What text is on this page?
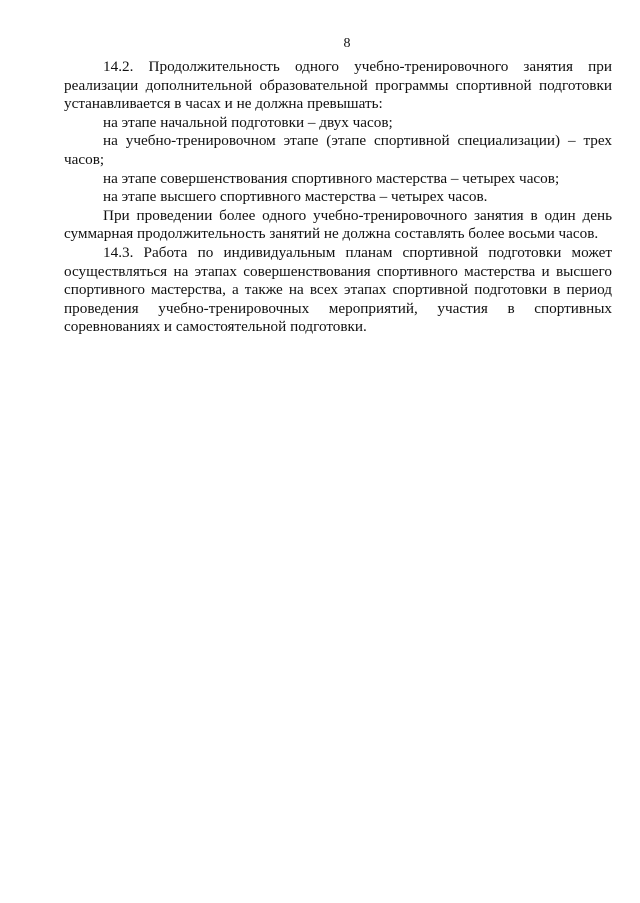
8

14.2. Продолжительность одного учебно-тренировочного занятия при реализации дополнительной образовательной программы спортивной подготовки устанавливается в часах и не должна превышать:

на этапе начальной подготовки – двух часов;

на учебно-тренировочном этапе (этапе спортивной специализации) – трех часов;

на этапе совершенствования спортивного мастерства – четырех часов;

на этапе высшего спортивного мастерства – четырех часов.

При проведении более одного учебно-тренировочного занятия в один день суммарная продолжительность занятий не должна составлять более восьми часов.

14.3. Работа по индивидуальным планам спортивной подготовки может осуществляться на этапах совершенствования спортивного мастерства и высшего спортивного мастерства, а также на всех этапах спортивной подготовки в период проведения учебно-тренировочных мероприятий, участия в спортивных соревнованиях и самостоятельной подготовки.
